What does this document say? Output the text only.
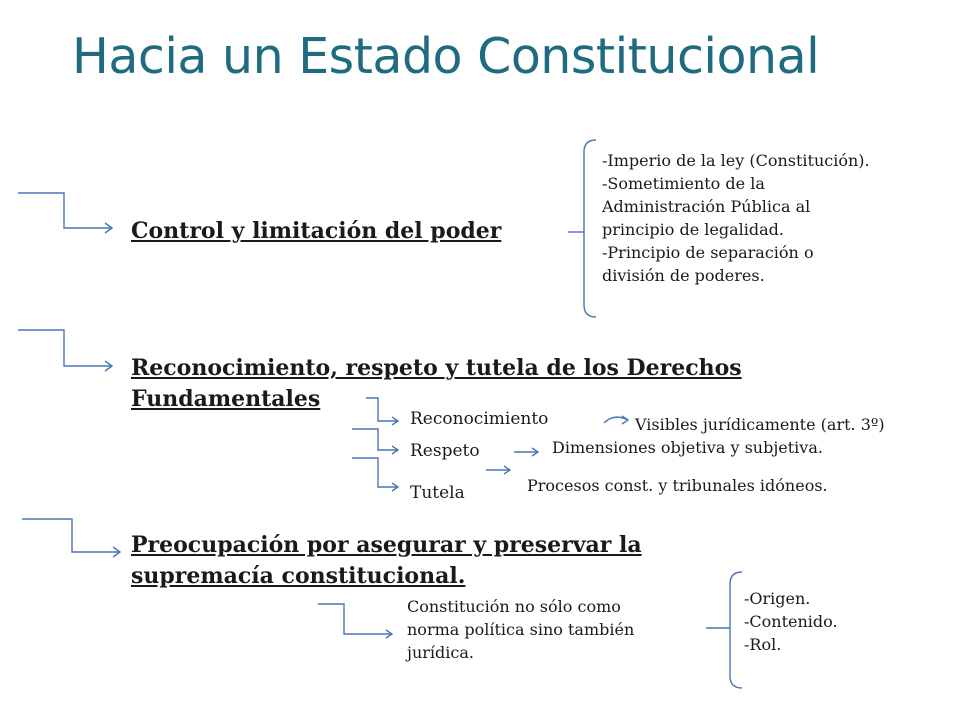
Hacia un Estado Constitucional
Control y limitación del poder
-Imperio de la ley (Constitución).
-Sometimiento de la
Administración Pública al
principio de legalidad.
-Principio de separación o
división de poderes.
Reconocimiento, respeto y tutela de los Derechos
Fundamentales
Reconocimiento
Respeto
Tutela
Visibles jurídicamente (art. 3º)
Dimensiones objetiva y subjetiva.
Procesos const. y tribunales idóneos.
Preocupación por asegurar y preservar la
supremacía constitucional.
Constitución no sólo como
norma política sino también
jurídica.
-Origen.
-Contenido.
-Rol.
